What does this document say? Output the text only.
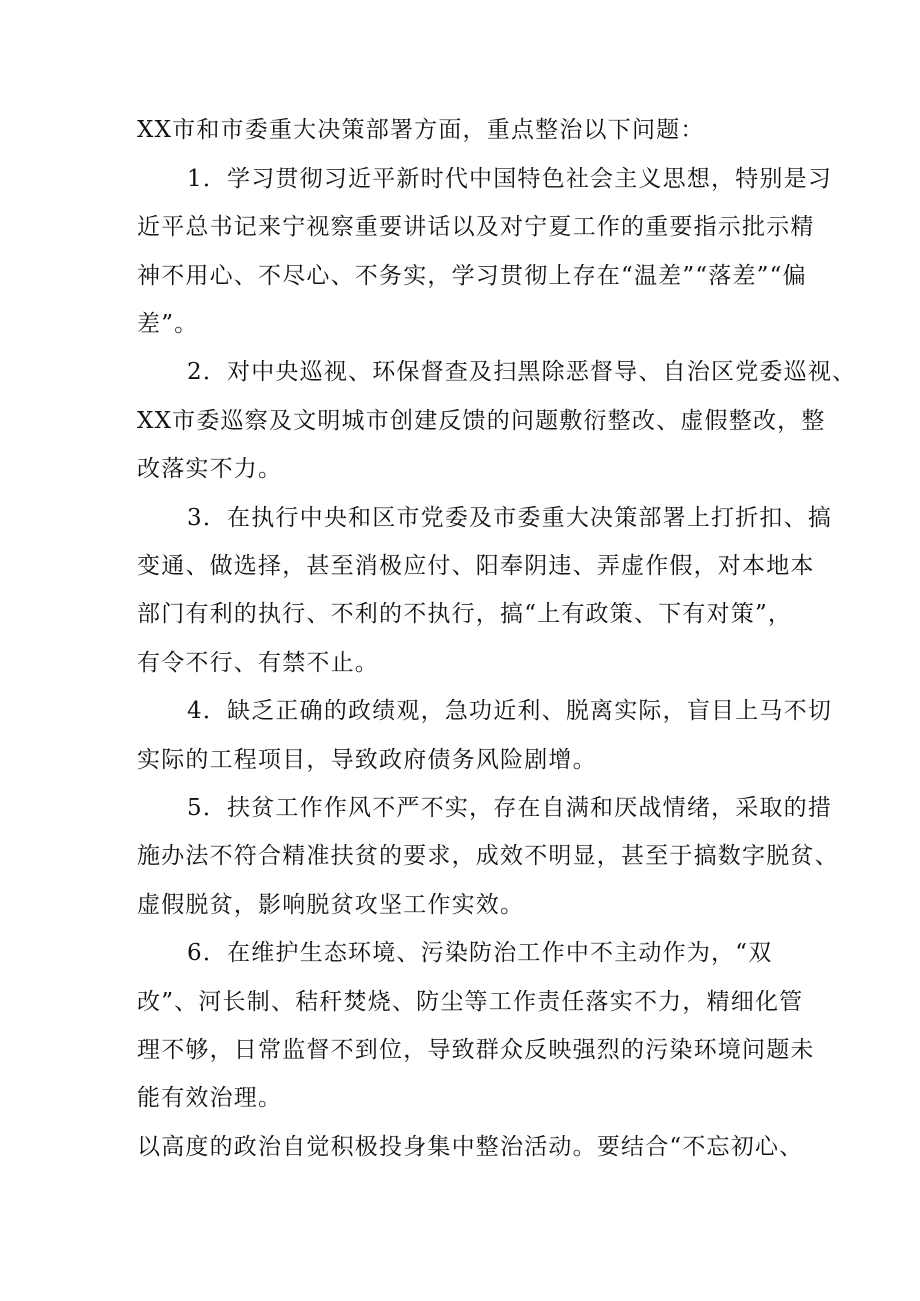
XX市和市委重大决策部署方面，重点整治以下问题：
1．学习贯彻习近平新时代中国特色社会主义思想，特别是习
近平总书记来宁视察重要讲话以及对宁夏工作的重要指示批示精
神不用心、不尽心、不务实，学习贯彻上存在“温差”“落差”“偏
差”。
2．对中央巡视、环保督查及扫黑除恶督导、自治区党委巡视、
XX市委巡察及文明城市创建反馈的问题敷衍整改、虚假整改，整
改落实不力。
3．在执行中央和区市党委及市委重大决策部署上打折扣、搞
变通、做选择，甚至消极应付、阳奉阴违、弄虚作假，对本地本
部门有利的执行、不利的不执行，搞“上有政策、下有对策”，
有令不行、有禁不止。
4．缺乏正确的政绩观，急功近利、脱离实际，盲目上马不切
实际的工程项目，导致政府债务风险剧增。
5．扶贫工作作风不严不实，存在自满和厌战情绪，采取的措
施办法不符合精准扶贫的要求，成效不明显，甚至于搞数字脱贫、
虚假脱贫，影响脱贫攻坚工作实效。
6．在维护生态环境、污染防治工作中不主动作为，“双
改”、河长制、秸秆焚烧、防尘等工作责任落实不力，精细化管
理不够，日常监督不到位，导致群众反映强烈的污染环境问题未
能有效治理。
以高度的政治自觉积极投身集中整治活动。要结合“不忘初心、
